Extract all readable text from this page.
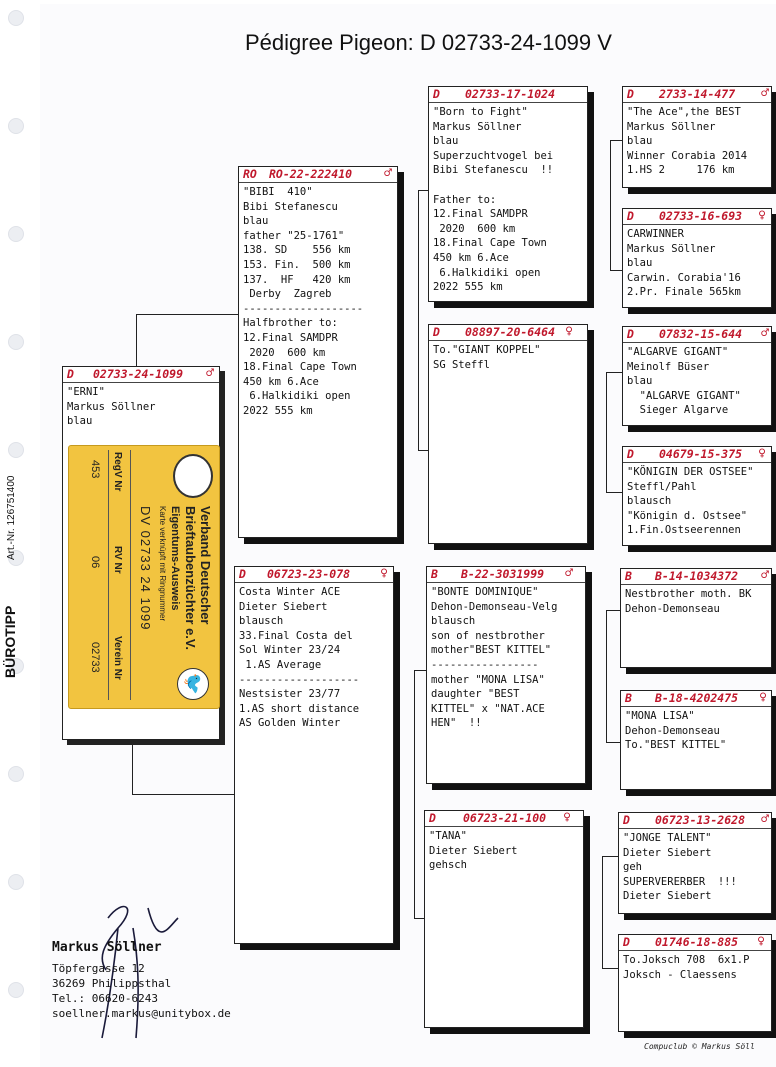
BÜROTIPP
Art.-Nr. 126751400
Pédigree Pigeon: D 02733-24-1099 V
D 02733-24-1099 ♂
"ERNI"
Markus Söllner
blau
Verband Deutscher
Brieftaubenzüchter e.V.
Eigentums-Ausweis
Karte verknüpft mit Ringnummer
DV 02733 24 1099
RegV Nr
RV Nr
Verein Nr
453
06
02733
🐦
RO RO-22-222410 ♂
"BIBI  410"
Bibi Stefanescu
blau
father "25-1761"
138. SD    556 km
153. Fin.  500 km
137.  HF   420 km
Derby  Zagreb
-------------------
Halfbrother to:
12.Final SAMDPR
2020  600 km
18.Final Cape Town
450 km 6.Ace
6.Halkidiki open
2022 555 km
D 06723-23-078 ♀
Costa Winter ACE
Dieter Siebert
blausch
33.Final Costa del
Sol Winter 23/24
1.AS Average
-------------------
Nestsister 23/77
1.AS short distance
AS Golden Winter
D 02733-17-1024
"Born to Fight"
Markus Söllner
blau
Superzuchtvogel bei
Bibi Stefanescu  !!

Father to:
12.Final SAMDPR
2020  600 km
18.Final Cape Town
450 km 6.Ace
6.Halkidiki open
2022 555 km
D 08897-20-6464 ♀
To."GIANT KOPPEL"
SG Steffl
B B-22-3031999 ♂
"BONTE DOMINIQUE"
Dehon-Demonseau-Velg
blausch
son of nestbrother
mother"BEST KITTEL"
-----------------
mother "MONA LISA"
daughter "BEST
KITTEL" x "NAT.ACE
HEN"  !!
D 06723-21-100 ♀
"TANA"
Dieter Siebert
gehsch
D 2733-14-477 ♂
"The Ace",the BEST
Markus Söllner
blau
Winner Corabia 2014
1.HS 2     176 km
D 02733-16-693 ♀
CARWINNER
Markus Söllner
blau
Carwin. Corabia'16
2.Pr. Finale 565km
D 07832-15-644 ♂
"ALGARVE GIGANT"
Meinolf Büser
blau
"ALGARVE GIGANT"
Sieger Algarve
D 04679-15-375 ♀
"KÖNIGIN DER OSTSEE"
Steffl/Pahl
blausch
"Königin d. Ostsee"
1.Fin.Ostseerennen
B B-14-1034372 ♂
Nestbrother moth. BK
Dehon-Demonseau
B B-18-4202475 ♀
"MONA LISA"
Dehon-Demonseau
To."BEST KITTEL"
D 06723-13-2628 ♂
"JONGE TALENT"
Dieter Siebert
geh
SUPERVERERBER  !!!
Dieter Siebert
D 01746-18-885 ♀
To.Joksch 708  6x1.P
Joksch - Claessens
Markus Söllner
Töpfergasse 12
36269 Philippsthal
Tel.: 06620-6243
soellner.markus@unitybox.de
Compuclub © Markus Söll
